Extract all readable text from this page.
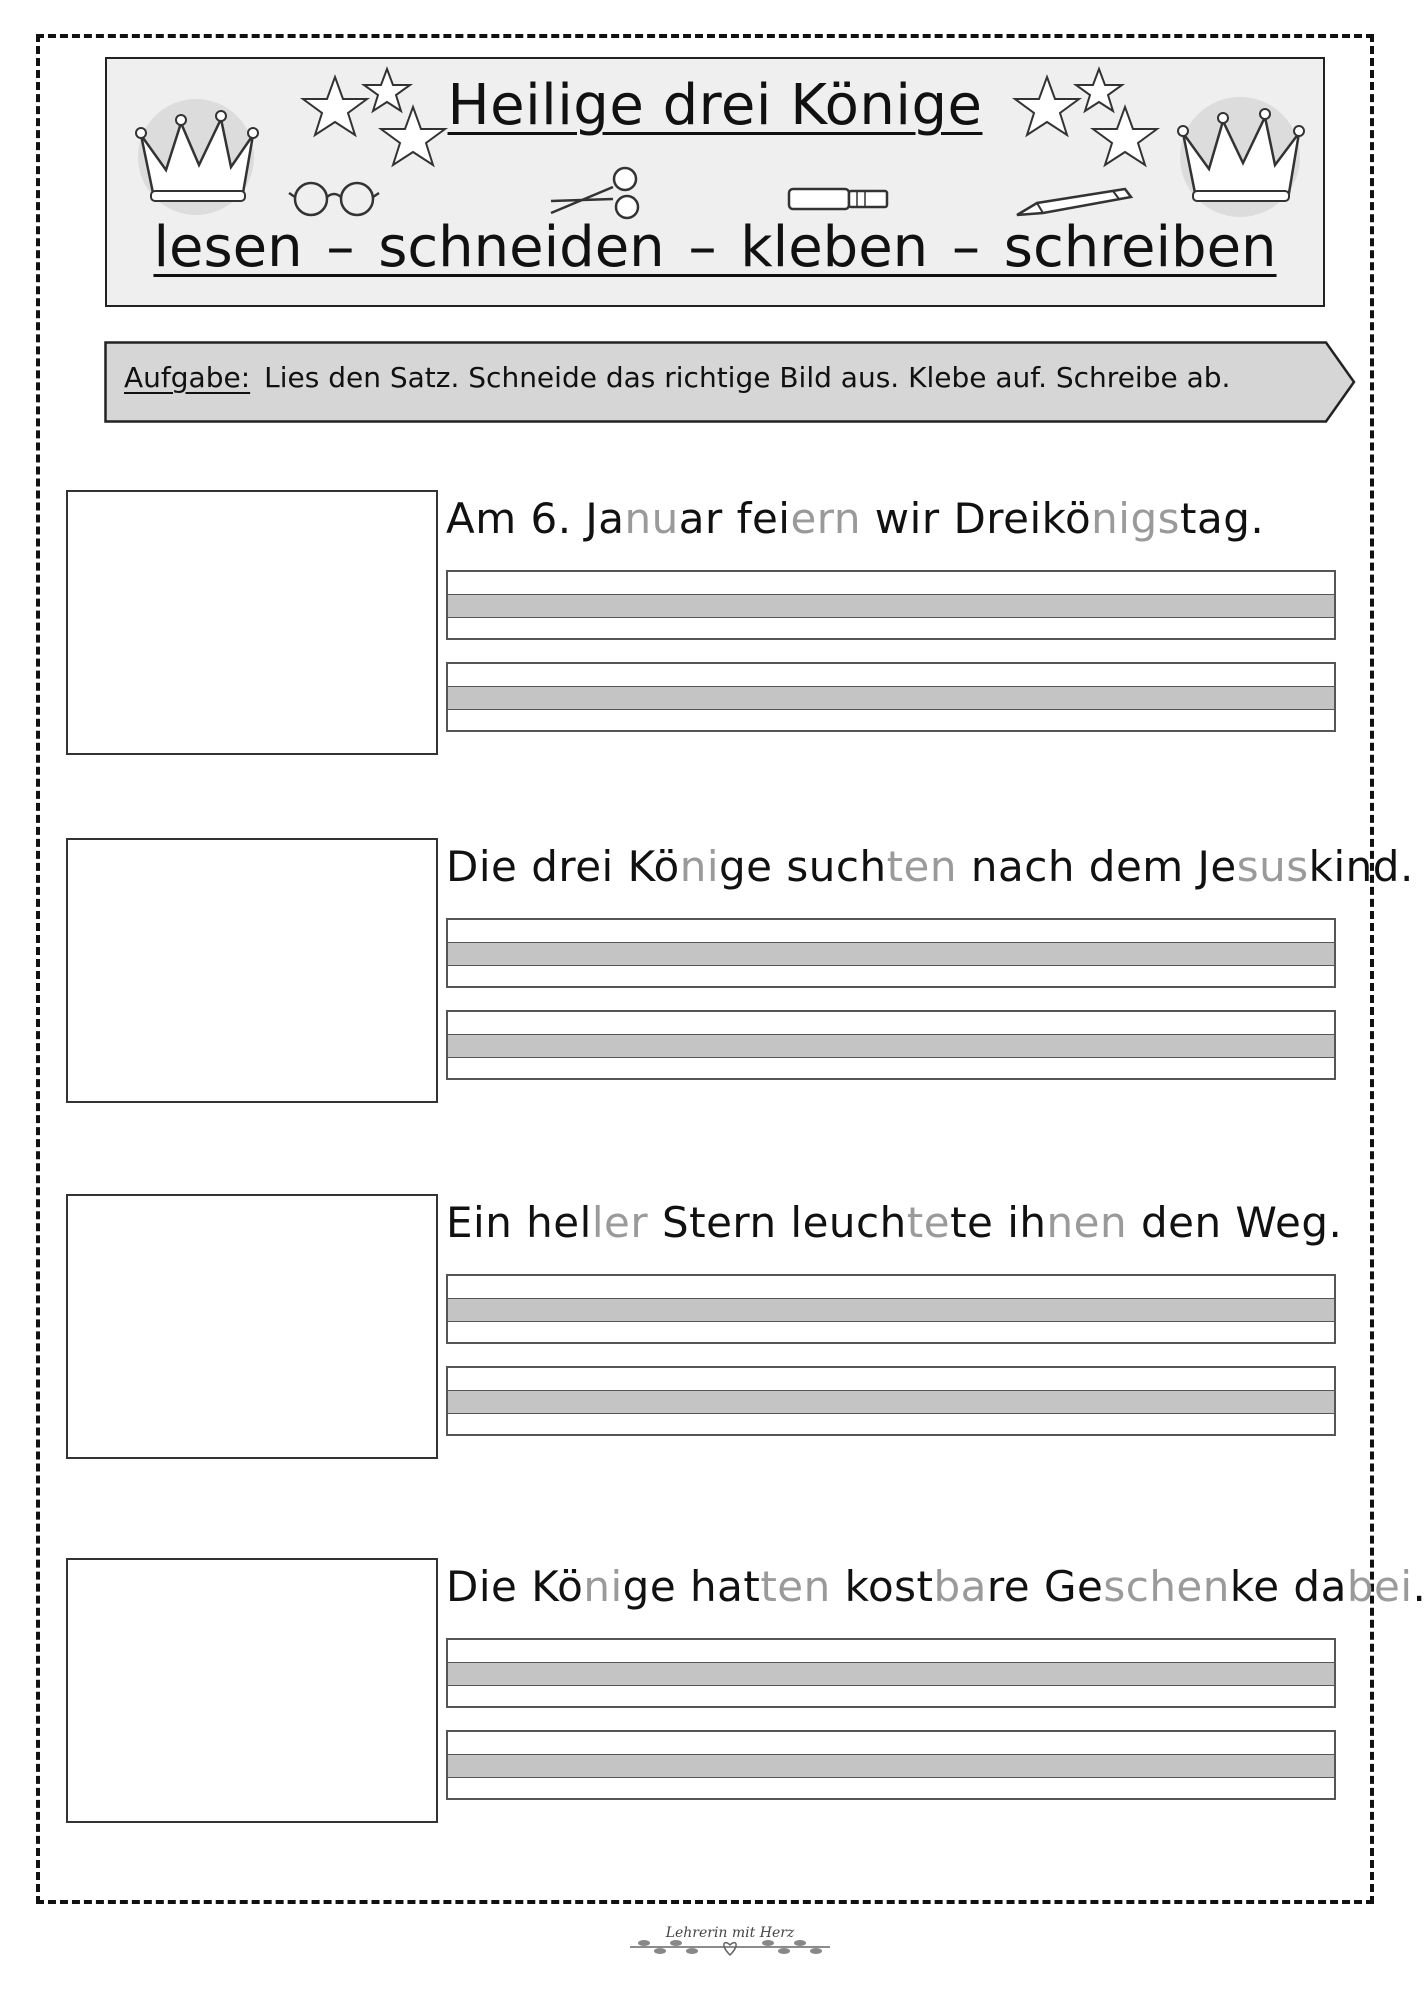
Heilige drei Könige
lesen – schneiden – kleben – schreiben
Aufgabe: Lies den Satz. Schneide das richtige Bild aus. Klebe auf. Schreibe ab.
Am 6. Januar feiern wir Dreikönigstag.
Die drei Könige suchten nach dem Jesuskind.
Ein heller Stern leuchtete ihnen den Weg.
Die Könige hatten kostbare Geschenke dabei.
Lehrerin mit Herz
